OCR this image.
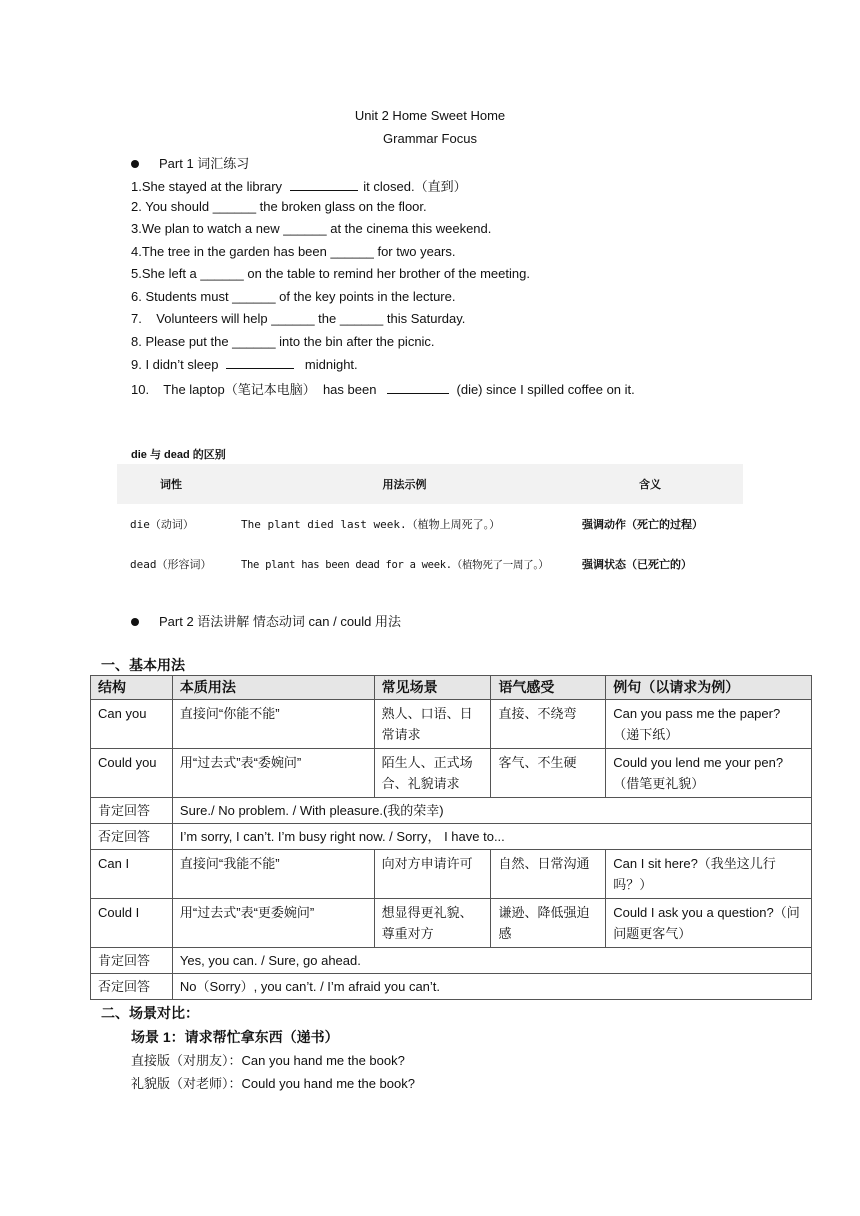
Unit 2 Home Sweet Home
Grammar Focus
Part 1 词汇练习
1.She stayed at the library	it closed.（直到）
2. You should ______ the broken glass on the floor.
3.We plan to watch a new ______ at the cinema this weekend.
4.The tree in the garden has been ______ for two years.
5.She left a ______ on the table to remind her brother of the meeting.
6. Students must ______ of the key points in the lecture.
7.    Volunteers will help ______ the ______ this Saturday.
8. Please put the ______ into the bin after the picnic.
9. I didn’t sleep	midnight.
10.    The laptop（笔记本电脑）  has been	(die) since I spilled coffee on it.
die 与 dead 的区别
词性	用法示例	含义
die（动词）	The plant died last week.（植物上周死了。）	强调动作（死亡的过程）
dead（形容词）	The plant has been dead for a week.（植物死了一周了。）	强调状态（已死亡的）
Part 2 语法讲解 情态动词 can / could 用法
一、基本用法
结构	本质用法	常见场景	语气感受	例句（以请求为例）
Can you	直接问“你能不能”	熟人、口语、日常请求	直接、不绕弯	Can you pass me the paper?（递下纸）
Could you	用“过去式”表“委婉问”	陌生人、正式场合、礼貌请求	客气、不生硬	Could you lend me your pen?（借笔更礼貌）
肯定回答	Sure./ No problem. / With pleasure.(我的荣幸)			
否定回答	I’m sorry, I can’t. I’m busy right now. / Sorry， I have to...			
Can I	直接问“我能不能”	向对方申请许可	自然、日常沟通	Can I sit here?（我坐这儿行吗？）
Could I	用“过去式”表“更委婉问”	想显得更礼貌、尊重对方	谦逊、降低强迫感	Could I ask you a question?（问问题更客气）
肯定回答	Yes, you can. / Sure, go ahead.			
否定回答	No（Sorry）, you can’t. / I’m afraid you can’t.			
二、场景对比：
场景 1：请求帮忙拿东西（递书）
直接版（对朋友）：Can you hand me the book?
礼貌版（对老师）：Could you hand me the book?
